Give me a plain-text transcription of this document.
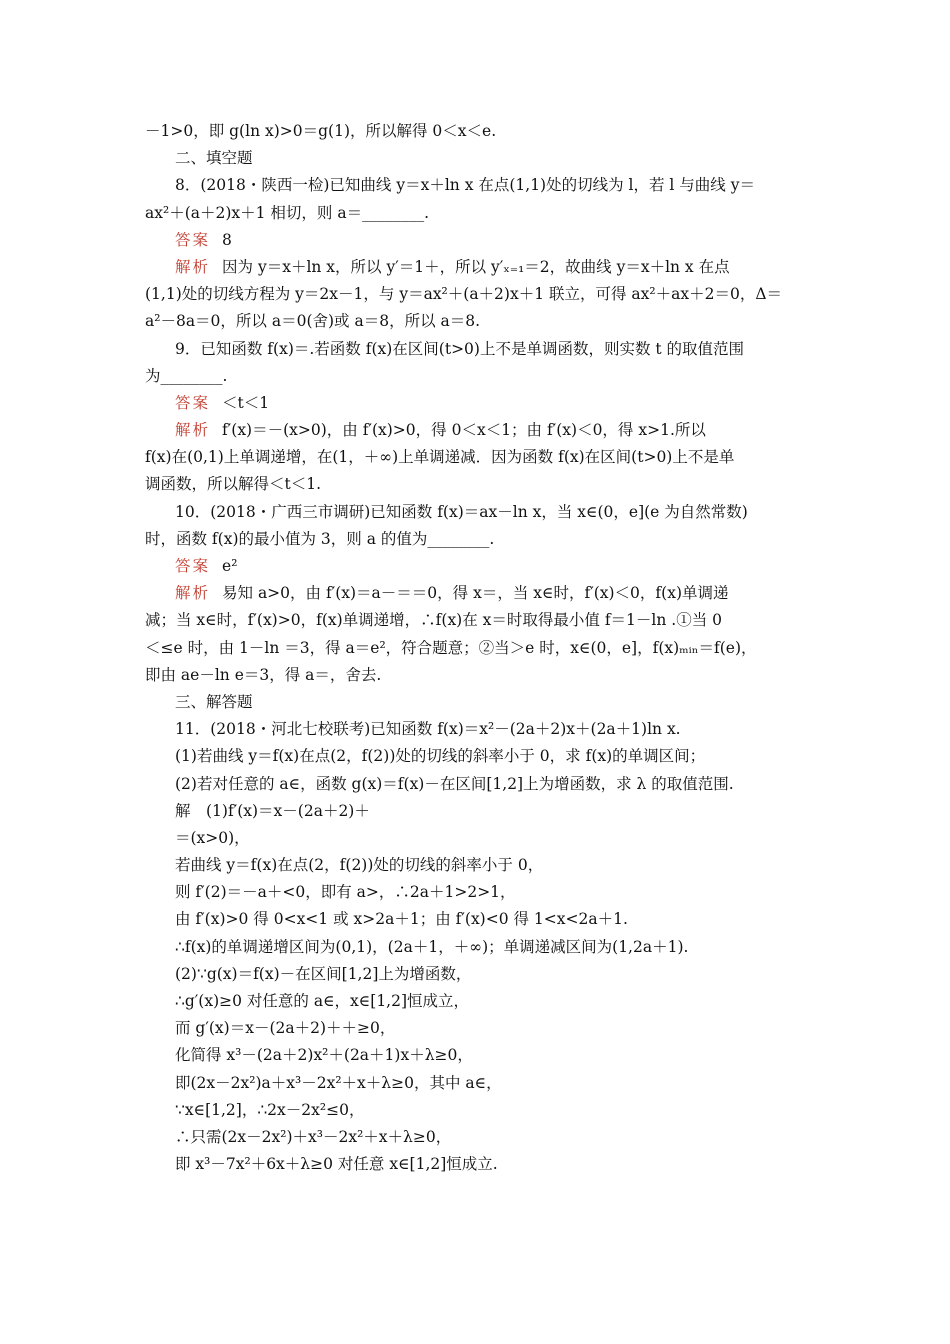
－1>0，即 g(ln x)>0＝g(1)，所以解得 0＜x＜e.
二、填空题
8．(2018・陕西一检)已知曲线 y＝x＋ln x 在点(1,1)处的切线为 l，若 l 与曲线 y＝
ax²＋(a＋2)x＋1 相切，则 a＝________.
答案 8
解析 因为 y＝x＋ln x，所以 y′＝1＋，所以 y′ₓ₌₁＝2，故曲线 y＝x＋ln x 在点
(1,1)处的切线方程为 y＝2x－1，与 y＝ax²＋(a＋2)x＋1 联立，可得 ax²＋ax＋2＝0，Δ＝
a²－8a＝0，所以 a＝0(舍)或 a＝8，所以 a＝8.
9．已知函数 f(x)＝.若函数 f(x)在区间(t>0)上不是单调函数，则实数 t 的取值范围
为________.
答案 ＜t＜1
解析 f′(x)＝－(x>0)，由 f′(x)>0，得 0＜x＜1；由 f′(x)＜0，得 x>1.所以
f(x)在(0,1)上单调递增，在(1，＋∞)上单调递减．因为函数 f(x)在区间(t>0)上不是单
调函数，所以解得＜t＜1.
10．(2018・广西三市调研)已知函数 f(x)＝ax－ln x，当 x∈(0，e](e 为自然常数)
时，函数 f(x)的最小值为 3，则 a 的值为________.
答案 e²
解析 易知 a>0，由 f′(x)＝a－＝＝0，得 x＝，当 x∈时，f′(x)＜0，f(x)单调递
减；当 x∈时，f′(x)>0，f(x)单调递增，∴f(x)在 x＝时取得最小值 f＝1－ln .①当 0
＜≤e 时，由 1－ln ＝3，得 a＝e²，符合题意；②当＞e 时，x∈(0，e]，f(x)ₘᵢₙ＝f(e)，
即由 ae－ln e＝3，得 a＝，舍去.
三、解答题
11．(2018・河北七校联考)已知函数 f(x)＝x²－(2a＋2)x＋(2a＋1)ln x.
(1)若曲线 y＝f(x)在点(2，f(2))处的切线的斜率小于 0，求 f(x)的单调区间；
(2)若对任意的 a∈，函数 g(x)＝f(x)－在区间[1,2]上为增函数，求 λ 的取值范围.
解　(1)f′(x)＝x－(2a＋2)＋
＝(x>0)，
若曲线 y＝f(x)在点(2，f(2))处的切线的斜率小于 0，
则 f′(2)＝－a＋<0，即有 a>，∴2a＋1>2>1，
由 f′(x)>0 得 0<x<1 或 x>2a＋1；由 f′(x)<0 得 1<x<2a＋1.
∴f(x)的单调递增区间为(0,1)，(2a＋1，＋∞)；单调递减区间为(1,2a＋1).
(2)∵g(x)＝f(x)－在区间[1,2]上为增函数，
∴g′(x)≥0 对任意的 a∈，x∈[1,2]恒成立，
而 g′(x)＝x－(2a＋2)＋＋≥0，
化简得 x³－(2a＋2)x²＋(2a＋1)x＋λ≥0，
即(2x－2x²)a＋x³－2x²＋x＋λ≥0，其中 a∈，
∵x∈[1,2]，∴2x－2x²≤0，
∴只需(2x－2x²)＋x³－2x²＋x＋λ≥0，
即 x³－7x²＋6x＋λ≥0 对任意 x∈[1,2]恒成立.
